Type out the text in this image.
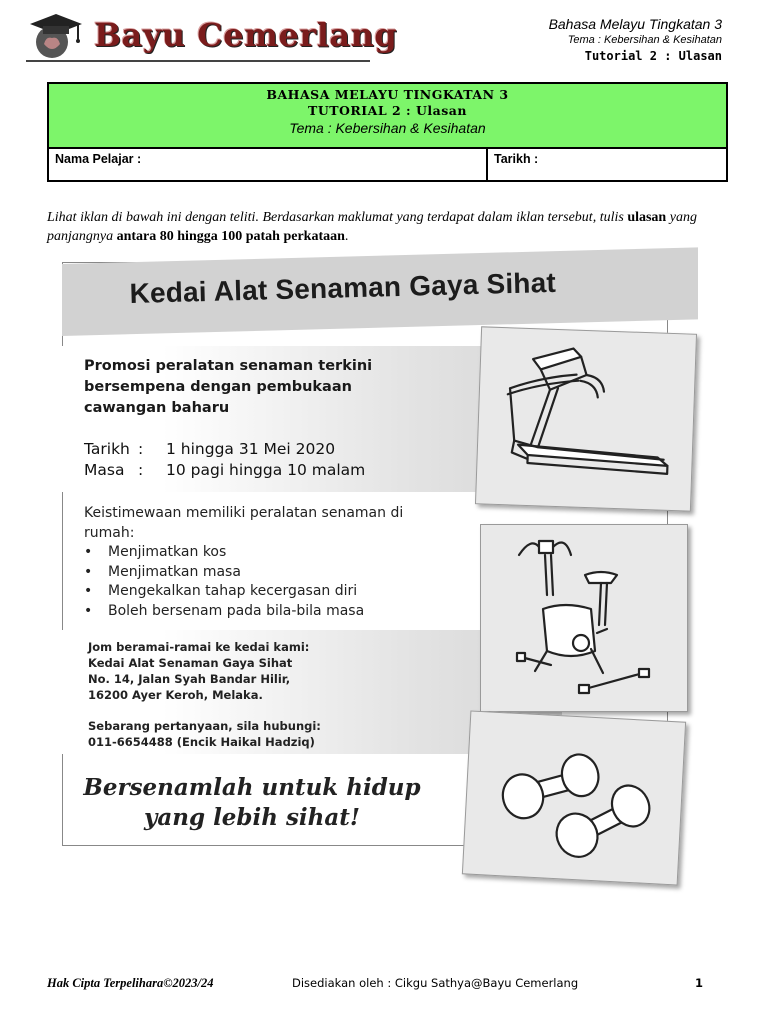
Bayu Cemerlang	Bahasa Melayu Tingkatan 3
Tema : Kebersihan & Kesihatan
Tutorial 2 : Ulasan
BAHASA MELAYU TINGKATAN 3
TUTORIAL 2 : Ulasan
Tema : Kebersihan & Kesihatan
Nama Pelajar :	Tarikh :
Lihat iklan di bawah ini dengan teliti. Berdasarkan maklumat yang terdapat dalam iklan tersebut, tulis ulasan yang panjangnya antara 80 hingga 100 patah perkataan.
Kedai Alat Senaman Gaya Sihat
Promosi peralatan senaman terkini
bersempena dengan pembukaan
cawangan baharu
Tarikh : 1 hingga 31 Mei 2020
Masa : 10 pagi hingga 10 malam
Keistimewaan memiliki peralatan senaman di rumah:
• Menjimatkan kos
• Menjimatkan masa
• Mengekalkan tahap kecergasan diri
• Boleh bersenam pada bila-bila masa
Jom beramai-ramai ke kedai kami:
Kedai Alat Senaman Gaya Sihat
No. 14, Jalan Syah Bandar Hilir,
16200 Ayer Keroh, Melaka.
Sebarang pertanyaan, sila hubungi:
011-6654488 (Encik Haikal Hadziq)
Bersenamlah untuk hidup
yang lebih sihat!
Hak Cipta Terpelihara©2023/24	Disediakan oleh : Cikgu Sathya@Bayu Cemerlang	1
